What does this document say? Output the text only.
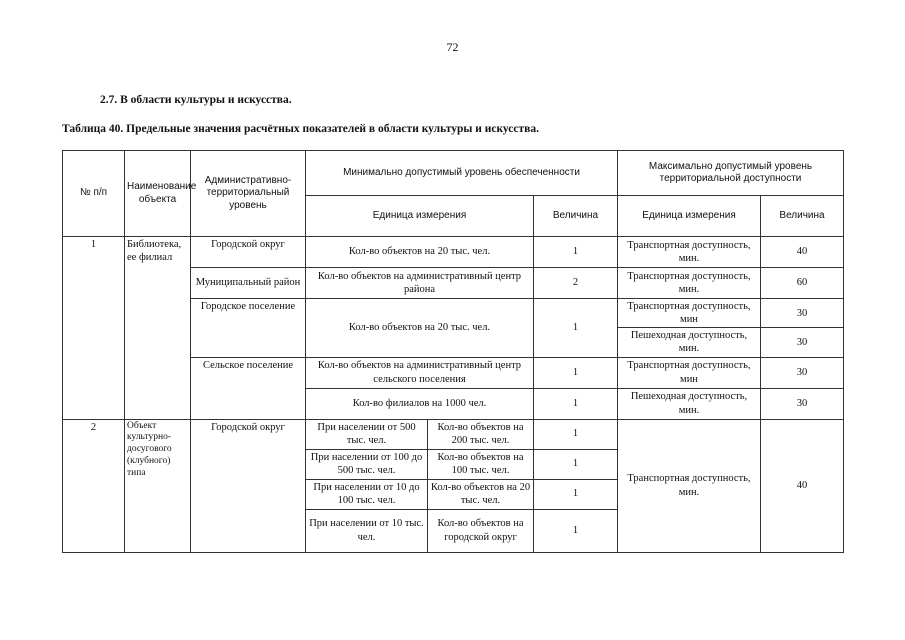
72
2.7. В области культуры и искусства.
Таблица 40. Предельные значения расчётных показателей в области культуры и искусства.
№ п/п	Наименование объекта	Административно-территориальный уровень	Минимально допустимый уровень обеспеченности			Максимально допустимый уровень территориальной доступности	
			Единица измерения		Величина	Единица измерения	Величина
1	Библиотека, ее филиал	Городской округ	Кол-во объектов на 20 тыс. чел.		1	Транспортная доступность, мин.	40
		Муниципальный район	Кол-во объектов на административный центр района		2	Транспортная доступность, мин.	60
		Городское поселение	Кол-во объектов на 20 тыс. чел.		1	Транспортная доступность, мин	30
						Пешеходная доступность, мин.	30
		Сельское поселение	Кол-во объектов на административный центр сельского поселения		1	Транспортная доступность, мин	30
			Кол-во филиалов на 1000 чел.		1	Пешеходная доступность, мин.	30
2	Объект культурно-досугового (клубного) типа	Городской округ	При населении от 500 тыс. чел.	Кол-во объектов на 200 тыс. чел.	1	Транспортная доступность, мин.	40
			При населении от 100 до 500 тыс. чел.	Кол-во объектов на 100 тыс. чел.	1		
			При населении от 10 до 100 тыс. чел.	Кол-во объектов на 20 тыс. чел.	1		
			При населении от 10 тыс. чел.	Кол-во объектов на городской округ	1		
